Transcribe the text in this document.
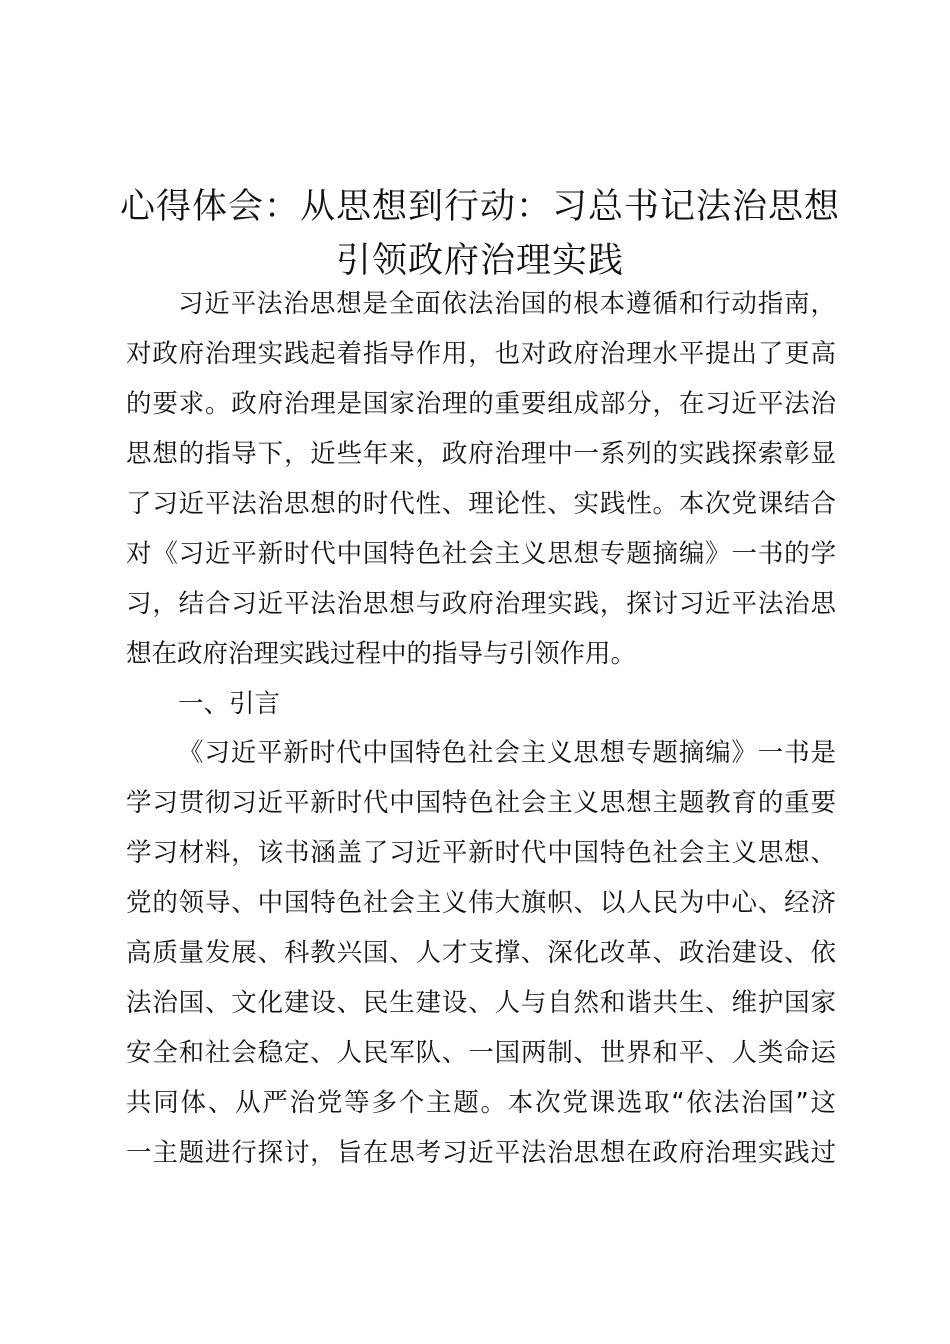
心得体会：从思想到行动：习总书记法治思想
引领政府治理实践
习近平法治思想是全面依法治国的根本遵循和行动指南，
对政府治理实践起着指导作用，也对政府治理水平提出了更高
的要求。政府治理是国家治理的重要组成部分，在习近平法治
思想的指导下，近些年来，政府治理中一系列的实践探索彰显
了习近平法治思想的时代性、理论性、实践性。本次党课结合
对《习近平新时代中国特色社会主义思想专题摘编》一书的学
习，结合习近平法治思想与政府治理实践，探讨习近平法治思
想在政府治理实践过程中的指导与引领作用。
一、引言
《习近平新时代中国特色社会主义思想专题摘编》一书是
学习贯彻习近平新时代中国特色社会主义思想主题教育的重要
学习材料，该书涵盖了习近平新时代中国特色社会主义思想、
党的领导、中国特色社会主义伟大旗帜、以人民为中心、经济
高质量发展、科教兴国、人才支撑、深化改革、政治建设、依
法治国、文化建设、民生建设、人与自然和谐共生、维护国家
安全和社会稳定、人民军队、一国两制、世界和平、人类命运
共同体、从严治党等多个主题。本次党课选取“依法治国”这
一主题进行探讨，旨在思考习近平法治思想在政府治理实践过
